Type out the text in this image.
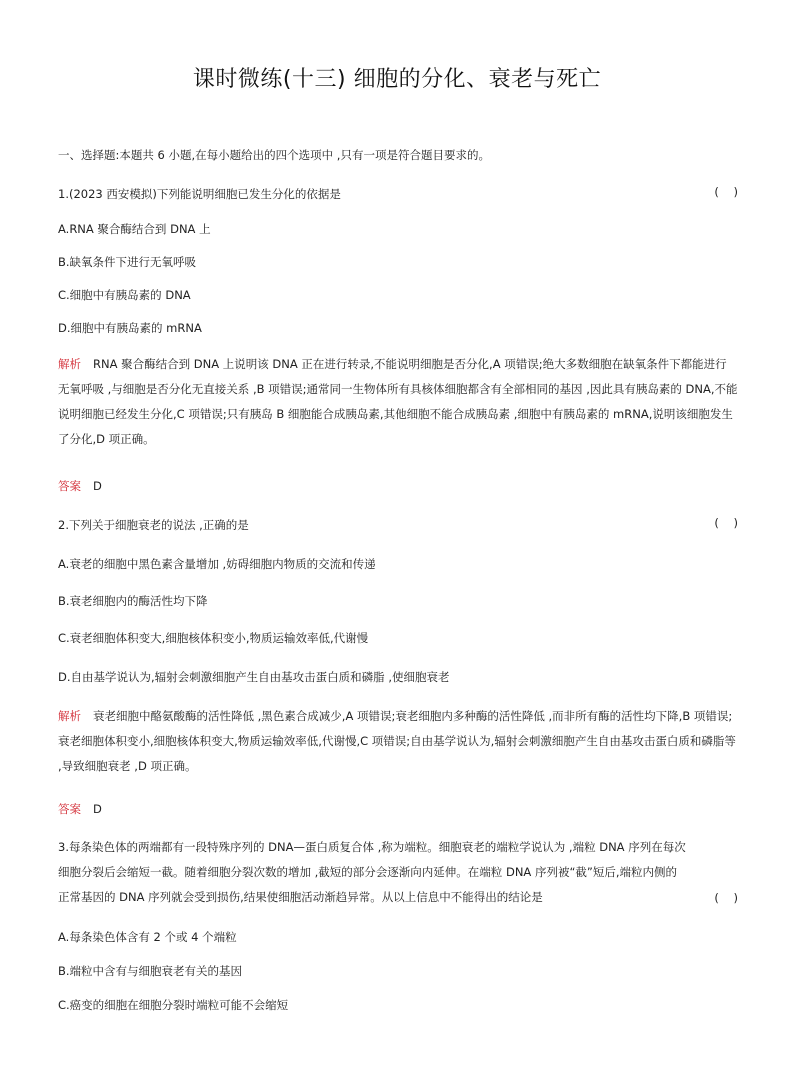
课时微练(十三) 细胞的分化、衰老与死亡
一、选择题:本题共 6 小题,在每小题给出的四个选项中 ,只有一项是符合题目要求的。
1.(2023 西安模拟)下列能说明细胞已发生分化的依据是	(    )
A.RNA 聚合酶结合到 DNA 上
B.缺氧条件下进行无氧呼吸
C.细胞中有胰岛素的 DNA
D.细胞中有胰岛素的 mRNA
解析 RNA 聚合酶结合到 DNA 上说明该 DNA 正在进行转录,不能说明细胞是否分化,A 项错误;绝大多数细胞在缺氧条件下都能进行无氧呼吸 ,与细胞是否分化无直接关系 ,B 项错误;通常同一生物体所有具核体细胞都含有全部相同的基因 ,因此具有胰岛素的 DNA,不能说明细胞已经发生分化,C 项错误;只有胰岛 B 细胞能合成胰岛素,其他细胞不能合成胰岛素 ,细胞中有胰岛素的 mRNA,说明该细胞发生了分化,D 项正确。
答案 D
2.下列关于细胞衰老的说法 ,正确的是	(    )
A.衰老的细胞中黑色素含量增加 ,妨碍细胞内物质的交流和传递
B.衰老细胞内的酶活性均下降
C.衰老细胞体积变大,细胞核体积变小,物质运输效率低,代谢慢
D.自由基学说认为,辐射会刺激细胞产生自由基攻击蛋白质和磷脂 ,使细胞衰老
解析 衰老细胞中酪氨酸酶的活性降低 ,黑色素合成减少,A 项错误;衰老细胞内多种酶的活性降低 ,而非所有酶的活性均下降,B 项错误;衰老细胞体积变小,细胞核体积变大,物质运输效率低,代谢慢,C 项错误;自由基学说认为,辐射会刺激细胞产生自由基攻击蛋白质和磷脂等 ,导致细胞衰老 ,D 项正确。
答案 D
3.每条染色体的两端都有一段特殊序列的 DNA—蛋白质复合体 ,称为端粒。细胞衰老的端粒学说认为 ,端粒 DNA 序列在每次细胞分裂后会缩短一截。随着细胞分裂次数的增加 ,截短的部分会逐渐向内延伸。在端粒 DNA 序列被“截”短后,端粒内侧的正常基因的 DNA 序列就会受到损伤,结果使细胞活动渐趋异常。从以上信息中不能得出的结论是	(    )
A.每条染色体含有 2 个或 4 个端粒
B.端粒中含有与细胞衰老有关的基因
C.癌变的细胞在细胞分裂时端粒可能不会缩短
